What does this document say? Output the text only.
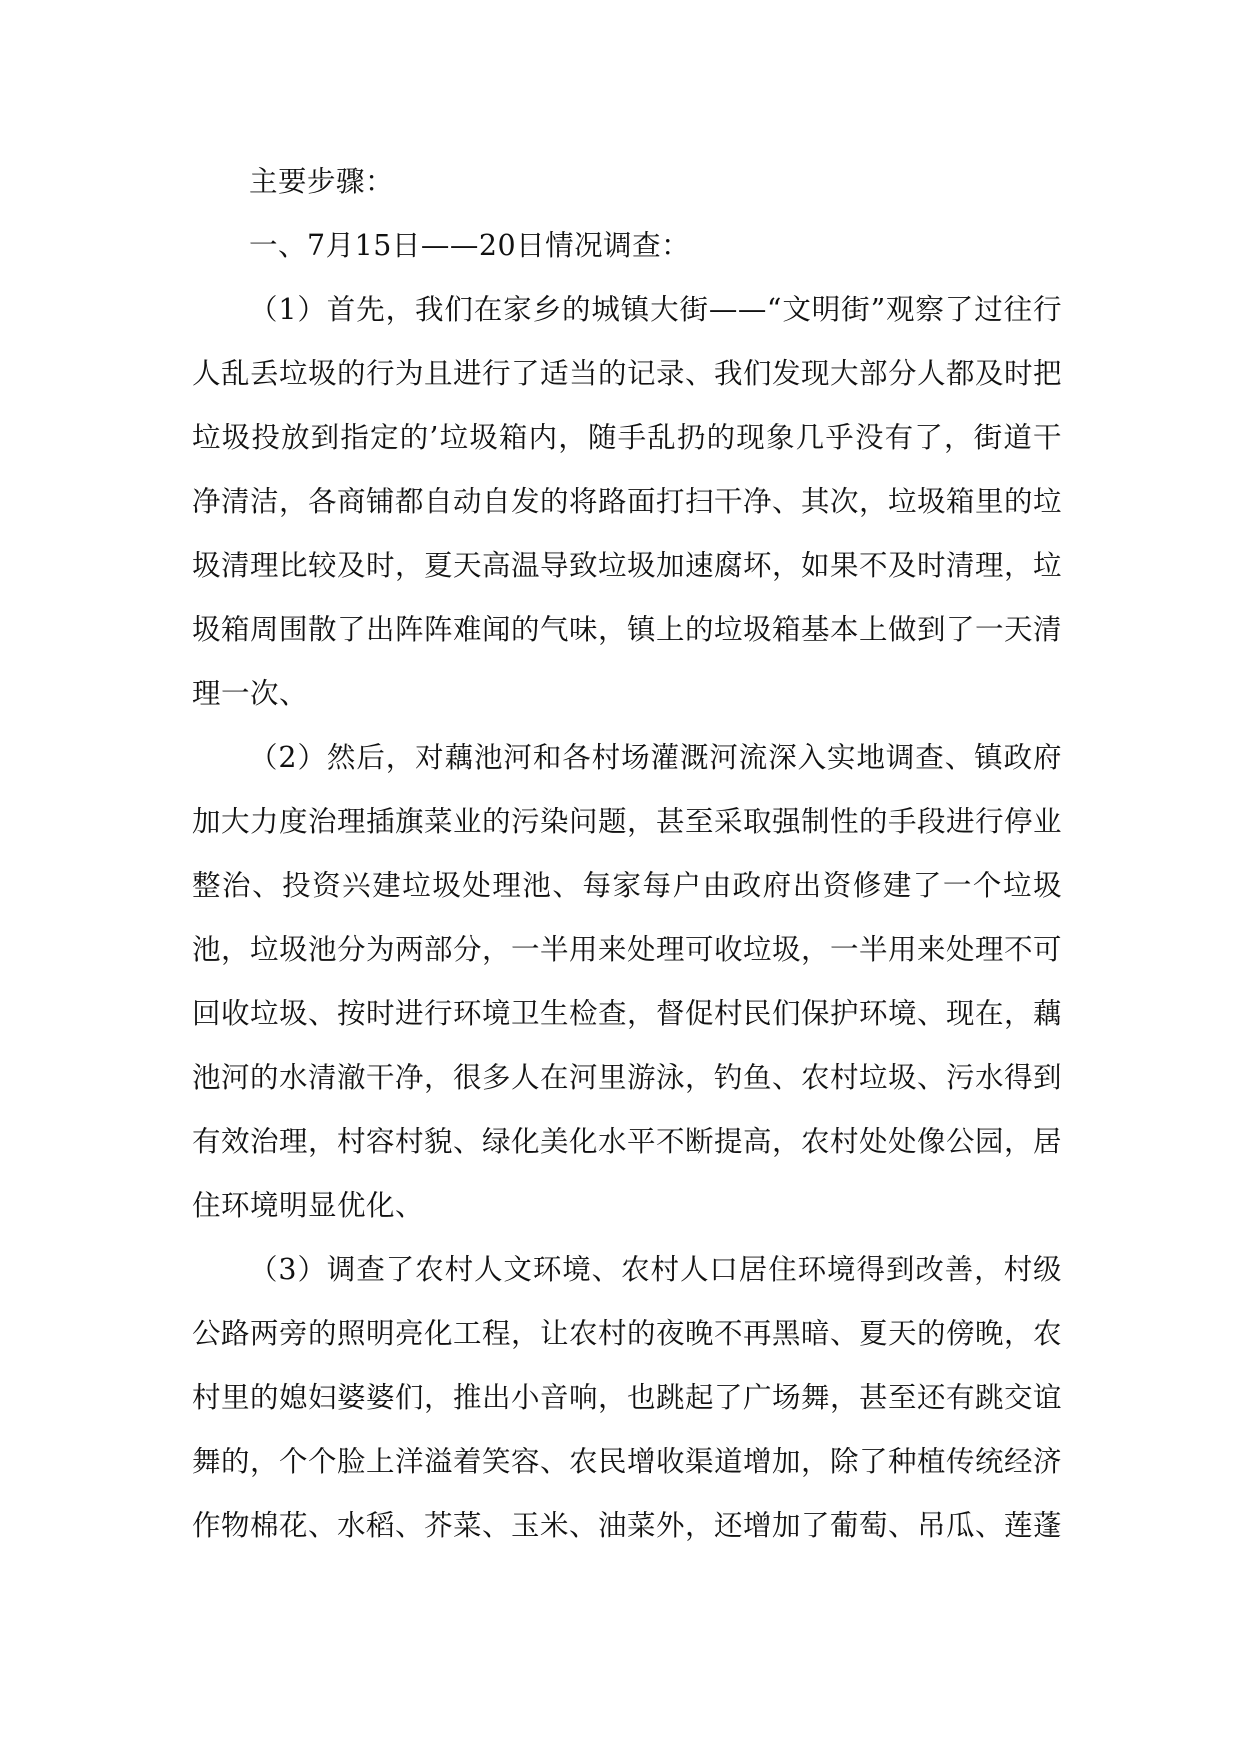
主要步骤：

一、7月15日——20日情况调查：

（1）首先，我们在家乡的城镇大街——“文明街”观察了过往行人乱丢垃圾的行为且进行了适当的记录、我们发现大部分人都及时把垃圾投放到指定的’垃圾箱内，随手乱扔的现象几乎没有了，街道干净清洁，各商铺都自动自发的将路面打扫干净、其次，垃圾箱里的垃圾清理比较及时，夏天高温导致垃圾加速腐坏，如果不及时清理，垃圾箱周围散了出阵阵难闻的气味，镇上的垃圾箱基本上做到了一天清理一次、

（2）然后，对藕池河和各村场灌溉河流深入实地调查、镇政府加大力度治理插旗菜业的污染问题，甚至采取强制性的手段进行停业整治、投资兴建垃圾处理池、每家每户由政府出资修建了一个垃圾池，垃圾池分为两部分，一半用来处理可收垃圾，一半用来处理不可回收垃圾、按时进行环境卫生检查，督促村民们保护环境、现在，藕池河的水清澈干净，很多人在河里游泳，钓鱼、农村垃圾、污水得到有效治理，村容村貌、绿化美化水平不断提高，农村处处像公园，居住环境明显优化、

（3）调查了农村人文环境、农村人口居住环境得到改善，村级公路两旁的照明亮化工程，让农村的夜晚不再黑暗、夏天的傍晚，农村里的媳妇婆婆们，推出小音响，也跳起了广场舞，甚至还有跳交谊舞的，个个脸上洋溢着笑容、农民增收渠道增加，除了种植传统经济作物棉花、水稻、芥菜、玉米、油菜外，还增加了葡萄、吊瓜、莲蓬
